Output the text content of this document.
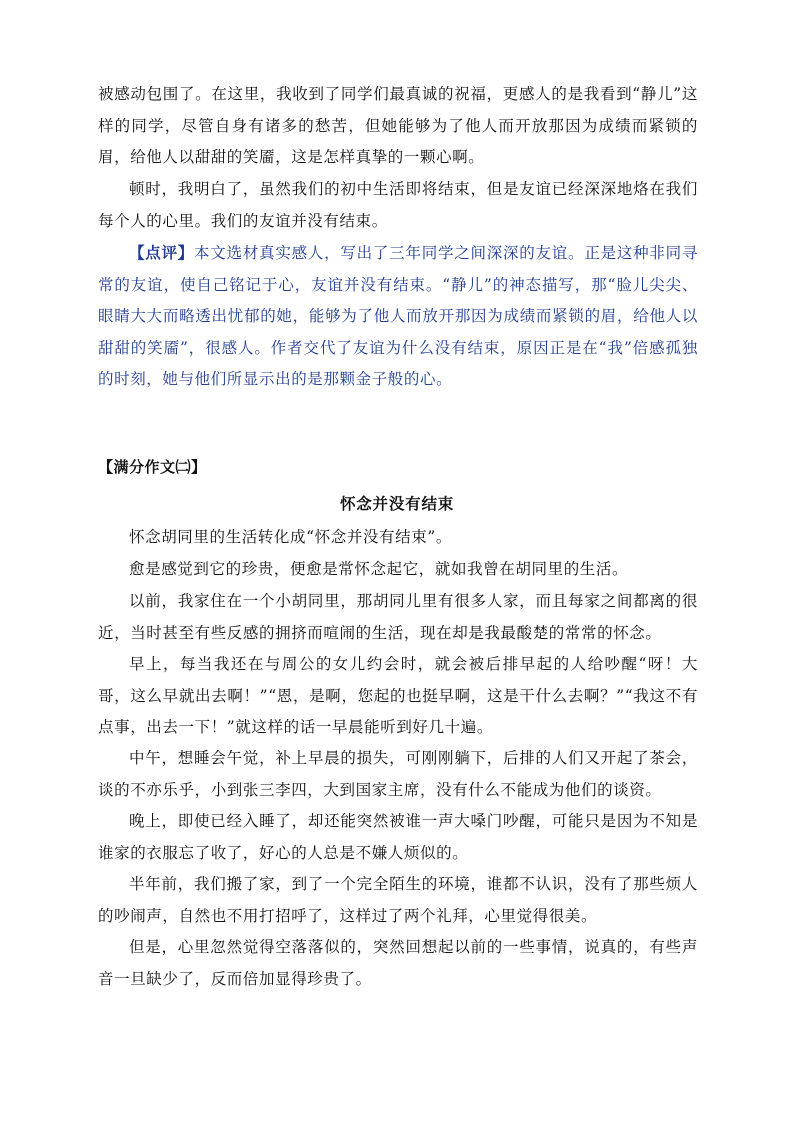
被感动包围了。在这里，我收到了同学们最真诚的祝福，更感人的是我看到“静儿”这样的同学，尽管自身有诸多的愁苦，但她能够为了他人而开放那因为成绩而紧锁的眉，给他人以甜甜的笑靥，这是怎样真挚的一颗心啊。

顿时，我明白了，虽然我们的初中生活即将结束，但是友谊已经深深地烙在我们每个人的心里。我们的友谊并没有结束。

【点评】本文选材真实感人，写出了三年同学之间深深的友谊。正是这种非同寻常的友谊，使自己铭记于心，友谊并没有结束。“静儿”的神态描写，那“脸儿尖尖、眼睛大大而略透出忧郁的她，能够为了他人而放开那因为成绩而紧锁的眉，给他人以甜甜的笑靥”，很感人。作者交代了友谊为什么没有结束，原因正是在“我”倍感孤独的时刻，她与他们所显示出的是那颗金子般的心。

【满分作文㈡】

怀念并没有结束

怀念胡同里的生活转化成“怀念并没有结束”。

愈是感觉到它的珍贵，便愈是常怀念起它，就如我曾在胡同里的生活。

以前，我家住在一个小胡同里，那胡同儿里有很多人家，而且每家之间都离的很近，当时甚至有些反感的拥挤而喧闹的生活，现在却是我最酸楚的常常的怀念。

早上，每当我还在与周公的女儿约会时，就会被后排早起的人给吵醒“呀！大哥，这么早就出去啊！”“恩，是啊，您起的也挺早啊，这是干什么去啊？”“我这不有点事，出去一下！”就这样的话一早晨能听到好几十遍。

中午，想睡会午觉，补上早晨的损失，可刚刚躺下，后排的人们又开起了茶会，谈的不亦乐乎，小到张三李四，大到国家主席，没有什么不能成为他们的谈资。

晚上，即使已经入睡了，却还能突然被谁一声大嗓门吵醒，可能只是因为不知是谁家的衣服忘了收了，好心的人总是不嫌人烦似的。

半年前，我们搬了家，到了一个完全陌生的环境，谁都不认识，没有了那些烦人的吵闹声，自然也不用打招呼了，这样过了两个礼拜，心里觉得很美。

但是，心里忽然觉得空落落似的，突然回想起以前的一些事情，说真的，有些声音一旦缺少了，反而倍加显得珍贵了。
